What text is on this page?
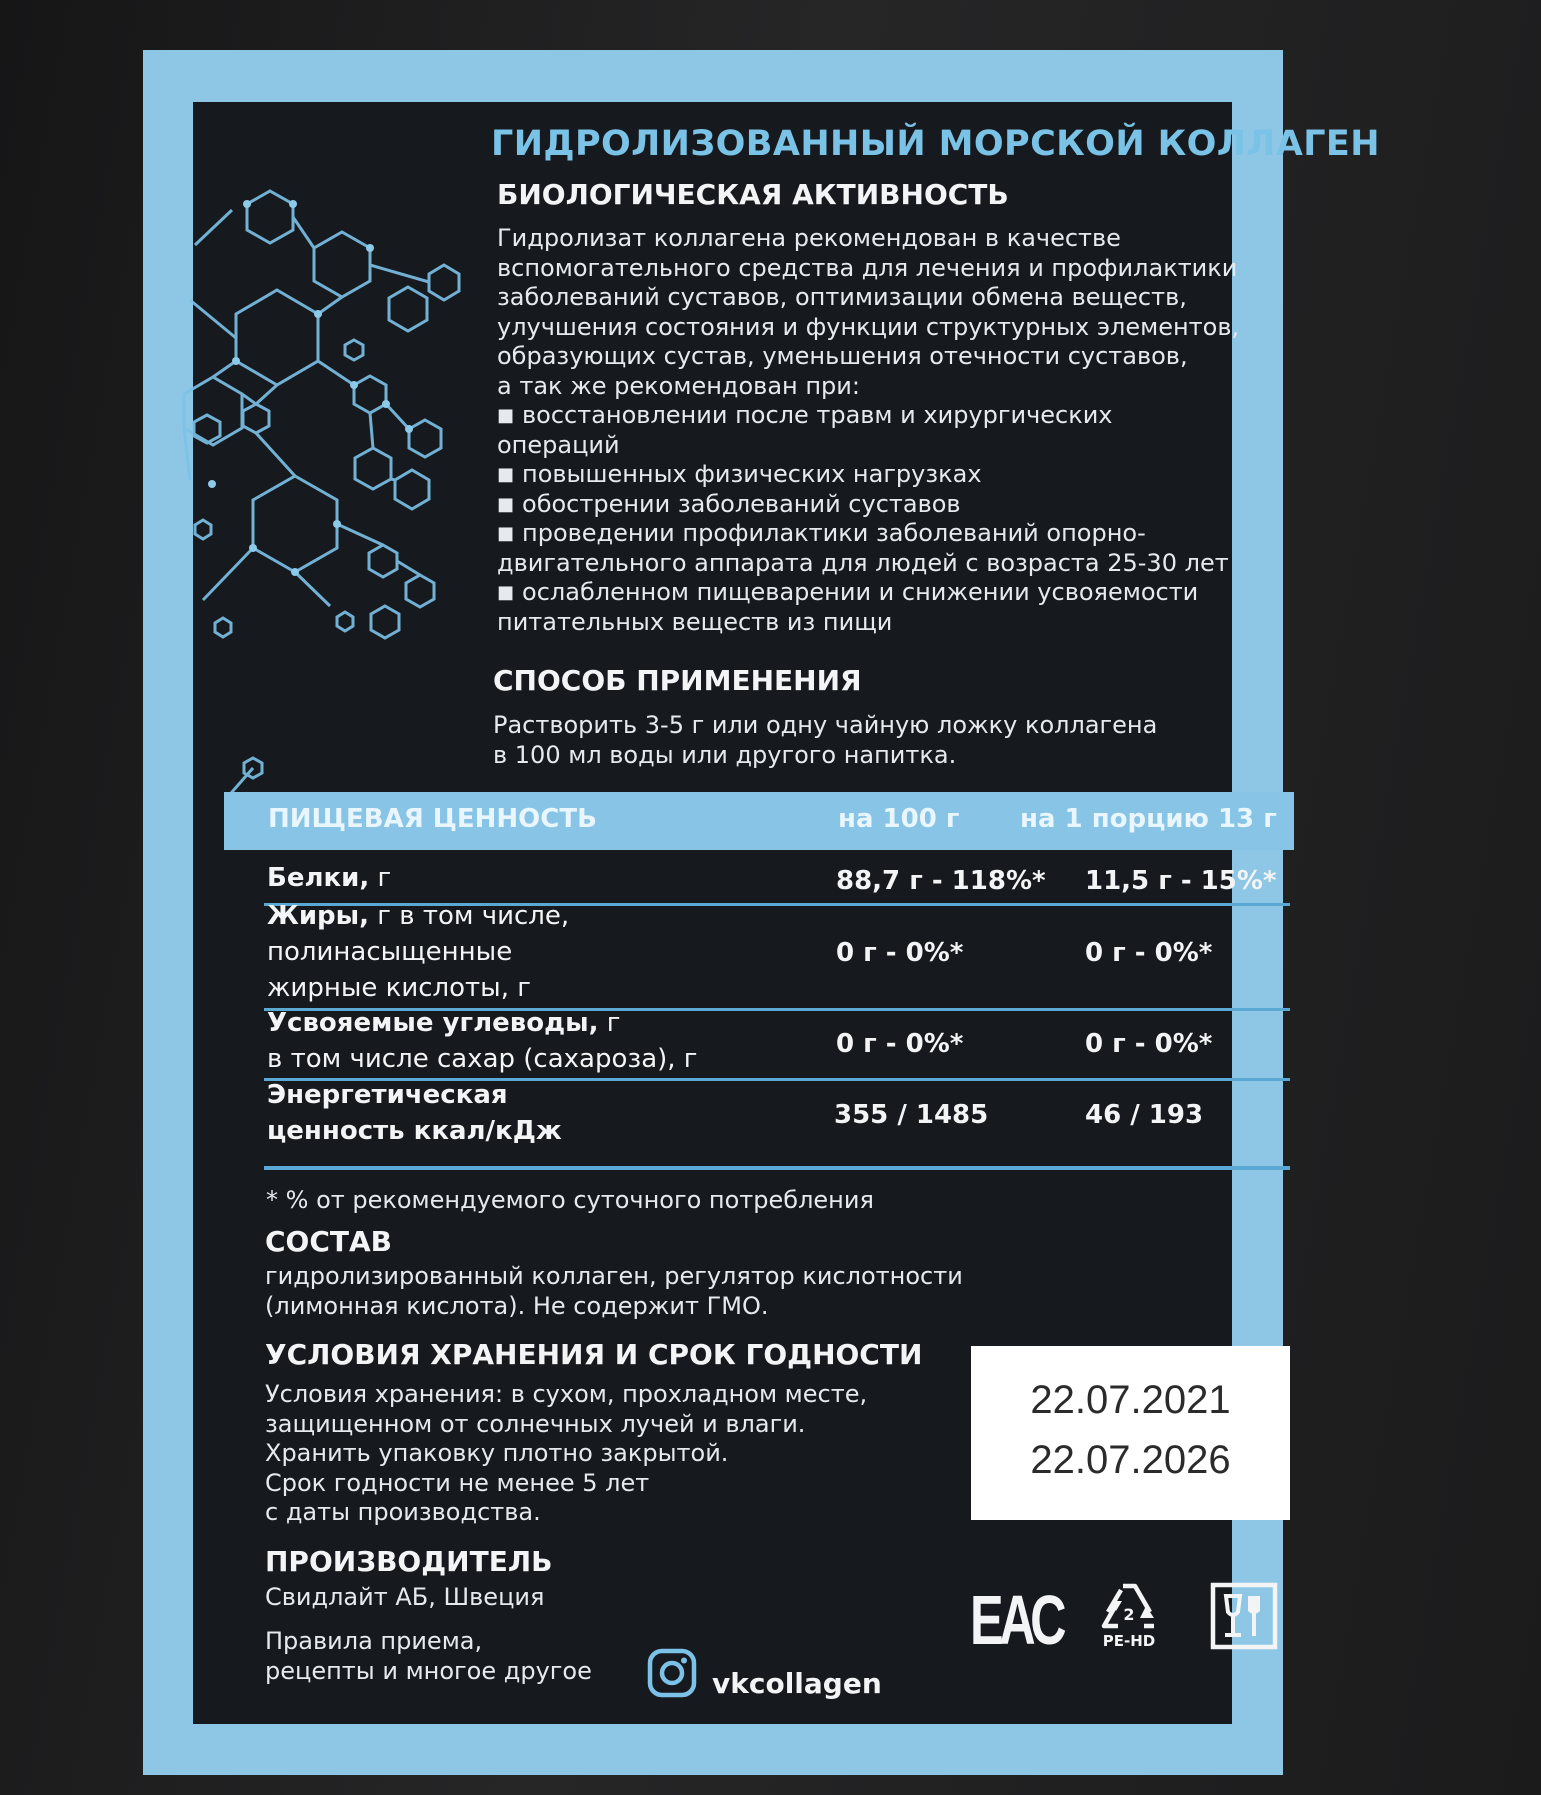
ГИДРОЛИЗОВАННЫЙ МОРСКОЙ КОЛЛАГЕН
БИОЛОГИЧЕСКАЯ АКТИВНОСТЬ
Гидролизат коллагена рекомендован в качестве
вспомогательного средства для лечения и профилактики
заболеваний суставов, оптимизации обмена веществ,
улучшения состояния и функции структурных элементов,
образующих сустав, уменьшения отечности суставов,
а так же рекомендован при:
■ восстановлении после травм и хирургических
операций
■ повышенных физических нагрузках
■ обострении заболеваний суставов
■ проведении профилактики заболеваний опорно-
двигательного аппарата для людей с возраста 25-30 лет
■ ослабленном пищеварении и снижении усвояемости
питательных веществ из пищи
СПОСОБ ПРИМЕНЕНИЯ
Растворить 3-5 г или одну чайную ложку коллагена
в 100 мл воды или другого напитка.
ПИЩЕВАЯ ЦЕННОСТЬ	на 100 г на 1 порцию 13 г
Белки, г	88,7 г - 118%* 11,5 г - 15%*
Жиры, г в том числе,
полинасыщенные
жирные кислоты, г
0 г - 0%*	0 г - 0%*
Усвояемые углеводы, г
в том числе сахар (сахароза), г	0 г - 0%*	0 г - 0%*
Энергетическая
ценность ккал/кДж
355 / 1485	46 / 193
* % от рекомендуемого суточного потребления
СОСТАВ
гидролизированный коллаген, регулятор кислотности
(лимонная кислота). Не содержит ГМО.
УСЛОВИЯ ХРАНЕНИЯ И СРОК ГОДНОСТИ
Условия хранения: в сухом, прохладном месте,
защищенном от солнечных лучей и влаги.
Хранить упаковку плотно закрытой.
Срок годности не менее 5 лет
с даты производства.
22.07.2021
22.07.2026
ПРОИЗВОДИТЕЛЬ
Свидлайт АБ, Швеция
Правила приема,
рецепты и многое другое	vkcollagen
ЕАС	2
PE-HD
